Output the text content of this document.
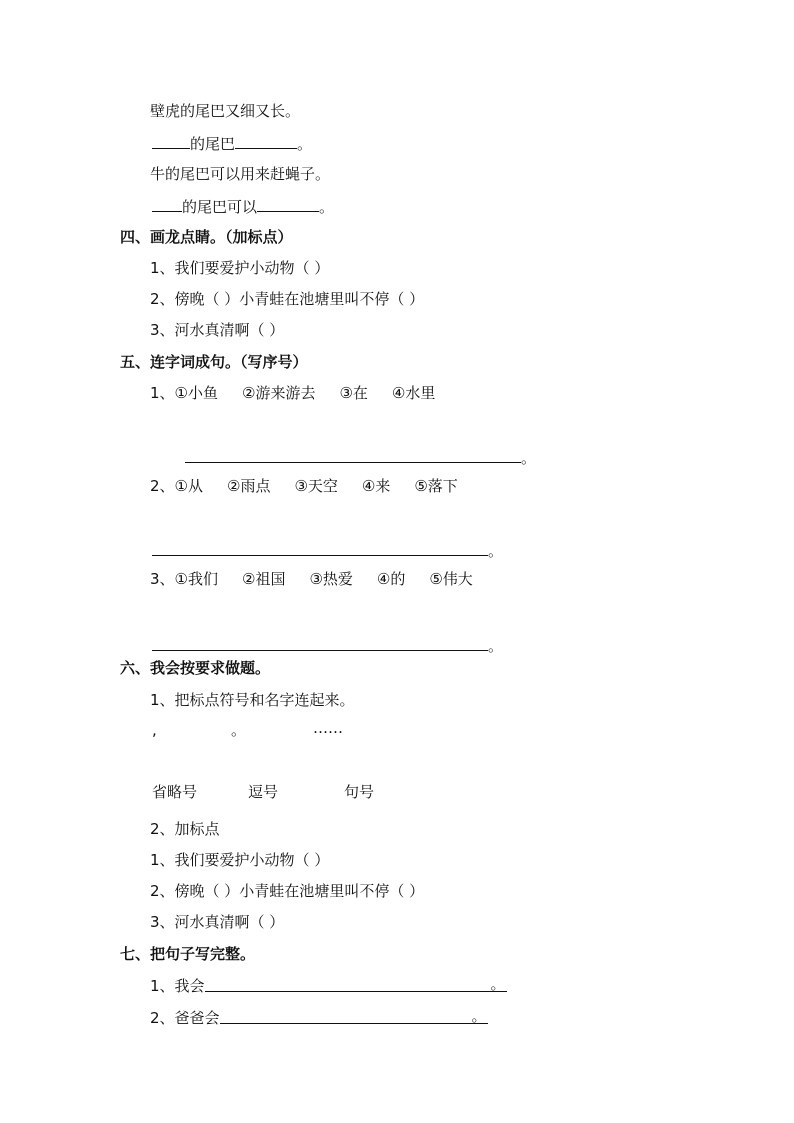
壁虎的尾巴又细又长。
的尾巴	。
牛的尾巴可以用来赶蝇子。
的尾巴可以	。
四、画龙点睛。（加标点）
1、我们要爱护小动物（ ）
2、傍晚（ ）小青蛙在池塘里叫不停（ ）
3、河水真清啊（ ）
五、连字词成句。（写序号）
1、①小鱼 ②游来游去 ③在 ④水里
。
2、①从 ②雨点 ③天空 ④来 ⑤落下
。
3、①我们 ②祖国 ③热爱 ④的 ⑤伟大
。
六、我会按要求做题。
1、把标点符号和名字连起来。
,	。	……
省略号	逗号	句号
2、加标点
1、我们要爱护小动物（ ）
2、傍晚（ ）小青蛙在池塘里叫不停（ ）
3、河水真清啊（ ）
七、把句子写完整。
1、我会	。
2、爸爸会	。
